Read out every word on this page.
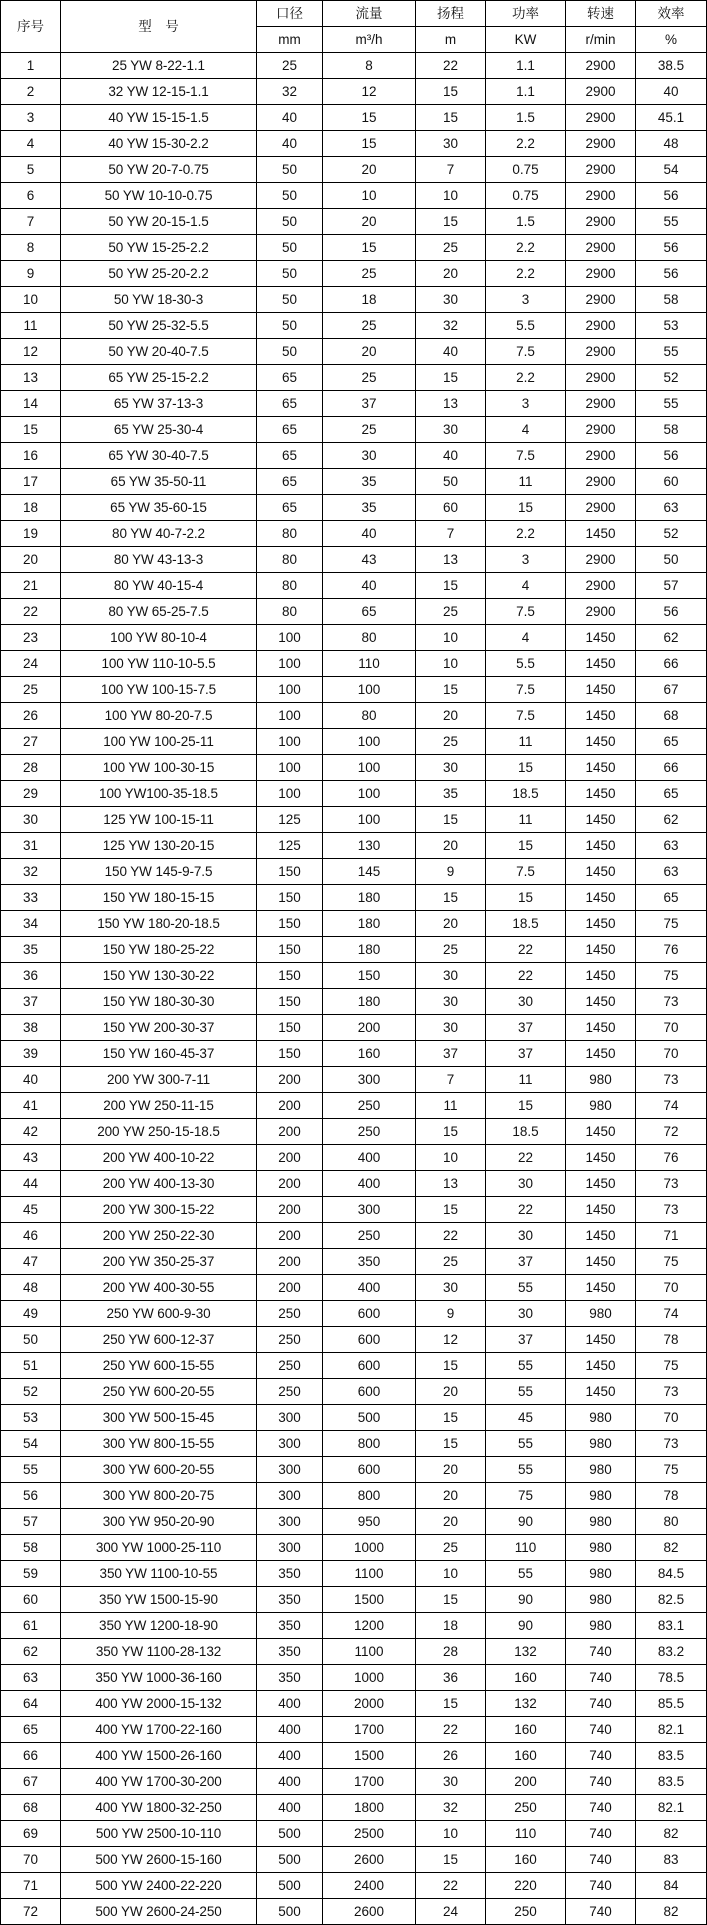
序号	型　号	口径	流量	扬程	功率	转速	效率
		mm	m³/h	m	KW	r/min	%
1	25 YW 8-22-1.1	25	8	22	1.1	2900	38.5
2	32 YW 12-15-1.1	32	12	15	1.1	2900	40
3	40 YW 15-15-1.5	40	15	15	1.5	2900	45.1
4	40 YW 15-30-2.2	40	15	30	2.2	2900	48
5	50 YW 20-7-0.75	50	20	7	0.75	2900	54
6	50 YW 10-10-0.75	50	10	10	0.75	2900	56
7	50 YW 20-15-1.5	50	20	15	1.5	2900	55
8	50 YW 15-25-2.2	50	15	25	2.2	2900	56
9	50 YW 25-20-2.2	50	25	20	2.2	2900	56
10	50 YW 18-30-3	50	18	30	3	2900	58
11	50 YW 25-32-5.5	50	25	32	5.5	2900	53
12	50 YW 20-40-7.5	50	20	40	7.5	2900	55
13	65 YW 25-15-2.2	65	25	15	2.2	2900	52
14	65 YW 37-13-3	65	37	13	3	2900	55
15	65 YW 25-30-4	65	25	30	4	2900	58
16	65 YW 30-40-7.5	65	30	40	7.5	2900	56
17	65 YW 35-50-11	65	35	50	11	2900	60
18	65 YW 35-60-15	65	35	60	15	2900	63
19	80 YW 40-7-2.2	80	40	7	2.2	1450	52
20	80 YW 43-13-3	80	43	13	3	2900	50
21	80 YW 40-15-4	80	40	15	4	2900	57
22	80 YW 65-25-7.5	80	65	25	7.5	2900	56
23	100 YW 80-10-4	100	80	10	4	1450	62
24	100 YW 110-10-5.5	100	110	10	5.5	1450	66
25	100 YW 100-15-7.5	100	100	15	7.5	1450	67
26	100 YW 80-20-7.5	100	80	20	7.5	1450	68
27	100 YW 100-25-11	100	100	25	11	1450	65
28	100 YW 100-30-15	100	100	30	15	1450	66
29	100 YW100-35-18.5	100	100	35	18.5	1450	65
30	125 YW 100-15-11	125	100	15	11	1450	62
31	125 YW 130-20-15	125	130	20	15	1450	63
32	150 YW 145-9-7.5	150	145	9	7.5	1450	63
33	150 YW 180-15-15	150	180	15	15	1450	65
34	150 YW 180-20-18.5	150	180	20	18.5	1450	75
35	150 YW 180-25-22	150	180	25	22	1450	76
36	150 YW 130-30-22	150	150	30	22	1450	75
37	150 YW 180-30-30	150	180	30	30	1450	73
38	150 YW 200-30-37	150	200	30	37	1450	70
39	150 YW 160-45-37	150	160	37	37	1450	70
40	200 YW 300-7-11	200	300	7	11	980	73
41	200 YW 250-11-15	200	250	11	15	980	74
42	200 YW 250-15-18.5	200	250	15	18.5	1450	72
43	200 YW 400-10-22	200	400	10	22	1450	76
44	200 YW 400-13-30	200	400	13	30	1450	73
45	200 YW 300-15-22	200	300	15	22	1450	73
46	200 YW 250-22-30	200	250	22	30	1450	71
47	200 YW 350-25-37	200	350	25	37	1450	75
48	200 YW 400-30-55	200	400	30	55	1450	70
49	250 YW 600-9-30	250	600	9	30	980	74
50	250 YW 600-12-37	250	600	12	37	1450	78
51	250 YW 600-15-55	250	600	15	55	1450	75
52	250 YW 600-20-55	250	600	20	55	1450	73
53	300 YW 500-15-45	300	500	15	45	980	70
54	300 YW 800-15-55	300	800	15	55	980	73
55	300 YW 600-20-55	300	600	20	55	980	75
56	300 YW 800-20-75	300	800	20	75	980	78
57	300 YW 950-20-90	300	950	20	90	980	80
58	300 YW 1000-25-110	300	1000	25	110	980	82
59	350 YW 1100-10-55	350	1100	10	55	980	84.5
60	350 YW 1500-15-90	350	1500	15	90	980	82.5
61	350 YW 1200-18-90	350	1200	18	90	980	83.1
62	350 YW 1100-28-132	350	1100	28	132	740	83.2
63	350 YW 1000-36-160	350	1000	36	160	740	78.5
64	400 YW 2000-15-132	400	2000	15	132	740	85.5
65	400 YW 1700-22-160	400	1700	22	160	740	82.1
66	400 YW 1500-26-160	400	1500	26	160	740	83.5
67	400 YW 1700-30-200	400	1700	30	200	740	83.5
68	400 YW 1800-32-250	400	1800	32	250	740	82.1
69	500 YW 2500-10-110	500	2500	10	110	740	82
70	500 YW 2600-15-160	500	2600	15	160	740	83
71	500 YW 2400-22-220	500	2400	22	220	740	84
72	500 YW 2600-24-250	500	2600	24	250	740	82
